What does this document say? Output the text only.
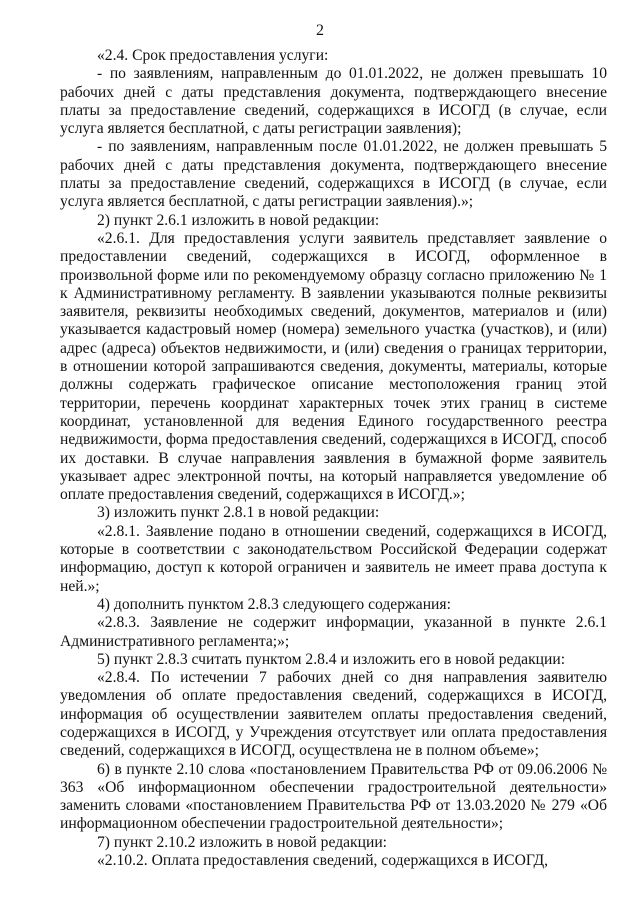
2

«2.4. Срок предоставления услуги:

- по заявлениям, направленным до 01.01.2022, не должен превышать 10 рабочих дней с даты представления документа, подтверждающего внесение платы за предоставление сведений, содержащихся в ИСОГД (в случае, если услуга является бесплатной, с даты регистрации заявления);

- по заявлениям, направленным после 01.01.2022, не должен превышать 5 рабочих дней с даты представления документа, подтверждающего внесение платы за предоставление сведений, содержащихся в ИСОГД (в случае, если услуга является бесплатной, с даты регистрации заявления).»;

2) пункт 2.6.1 изложить в новой редакции:

«2.6.1. Для предоставления услуги заявитель представляет заявление о предоставлении сведений, содержащихся в ИСОГД, оформленное в произвольной форме или по рекомендуемому образцу согласно приложению № 1 к Административному регламенту. В заявлении указываются полные реквизиты заявителя, реквизиты необходимых сведений, документов, материалов и (или) указывается кадастровый номер (номера) земельного участка (участков), и (или) адрес (адреса) объектов недвижимости, и (или) сведения о границах территории, в отношении которой запрашиваются сведения, документы, материалы, которые должны содержать графическое описание местоположения границ этой территории, перечень координат характерных точек этих границ в системе координат, установленной для ведения Единого государственного реестра недвижимости, форма предоставления сведений, содержащихся в ИСОГД, способ их доставки. В случае направления заявления в бумажной форме заявитель указывает адрес электронной почты, на который направляется уведомление об оплате предоставления сведений, содержащихся в ИСОГД.»;

3) изложить пункт 2.8.1 в новой редакции:

«2.8.1. Заявление подано в отношении сведений, содержащихся в ИСОГД, которые в соответствии с законодательством Российской Федерации содержат информацию, доступ к которой ограничен и заявитель не имеет права доступа к ней.»;

4) дополнить пунктом 2.8.3 следующего содержания:

«2.8.3. Заявление не содержит информации, указанной в пункте 2.6.1 Административного регламента;»;

5) пункт 2.8.3 считать пунктом 2.8.4 и изложить его в новой редакции:

«2.8.4. По истечении 7 рабочих дней со дня направления заявителю уведомления об оплате предоставления сведений, содержащихся в ИСОГД, информация об осуществлении заявителем оплаты предоставления сведений, содержащихся в ИСОГД, у Учреждения отсутствует или оплата предоставления сведений, содержащихся в ИСОГД, осуществлена не в полном объеме»;

6) в пункте 2.10 слова «постановлением Правительства РФ от 09.06.2006 № 363 «Об информационном обеспечении градостроительной деятельности» заменить словами «постановлением Правительства РФ от 13.03.2020 № 279 «Об информационном обеспечении градостроительной деятельности»;

7) пункт 2.10.2 изложить в новой редакции:

«2.10.2. Оплата предоставления сведений, содержащихся в ИСОГД,
